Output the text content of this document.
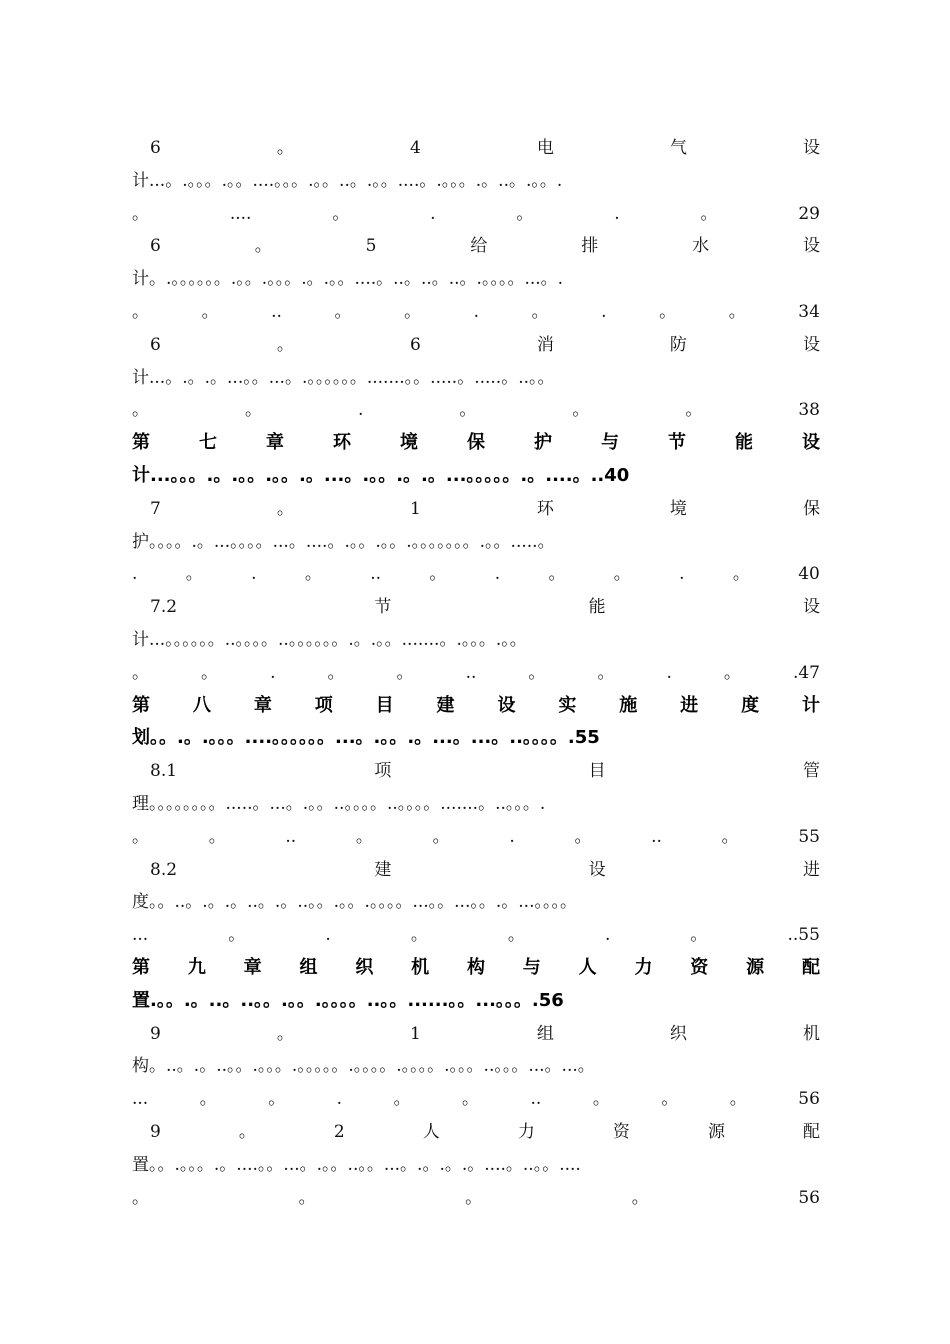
6	。	4	电	气	设
计...。.。。。.。。....。。。.。。..。.。。....。.。。。.。..。.。。.
。	....	。	.	。	.	。	29
6	。	5	给	排	水	设
计。.。。。。。。.。。.。。。.。.。。....。..。..。..。.。。。。...。.
。	。	..	。	。	.	。	.	。	。	34
6	。	6	消	防	设
计...。.。.。...。。...。.。。。。。。.......。。.....。.....。..。。
。	。	.	。	。	。	38
第	七	章	环	境	保	护	与	节	能	设
计...。。。.。.。。.。。.。...。.。。.。.。...。。。。。.。....。..40
7	。	1	环	境	保
护。。。。.。...。。。。...。....。.。。.。。.。。。。。。。.。。.....。
.	。	.	。	..	。	.	。	。	.	。	40
7.2	节	能	设
计...。。。。。。..。。。。..。。。。。。.。.。。.......。.。。。.。。
。	。	.	。	。	..	。	。	.	。	.47
第 八 章 项 目 建 设 实 施 进 度 计
划。。.。.。。。....。。。。。。...。.。。.。...。...。..。。。。.55
8.1	项	目	管
理。。。。。。。。.....。...。.。。..。。。。..。。。。.......。..。。。.
。	。	..	。	。	.	。	..	。	55
8.2	建	设	进
度。。..。.。.。..。.。..。。.。。.。。。。...。。...。。.。...。。。。
...	。	.	。	。	.	。	..55
第 九 章 组 织 机 构 与 人 力 资 源 配
置.。。.。..。..。。.。。.。。。。..。。......。。...。。。.56
9	。	1	组	织	机
构。..。.。..。。.。。。.。。。。。.。。。。.。。。。.。。。..。。。...。...。
...	。	。	.	。	。	..	。	。	。	56
9	。	2	人	力	资	源	配
置。。.。。。.。....。。...。.。。..。。...。.。.。.。....。..。。....
。	。	。	。	56
